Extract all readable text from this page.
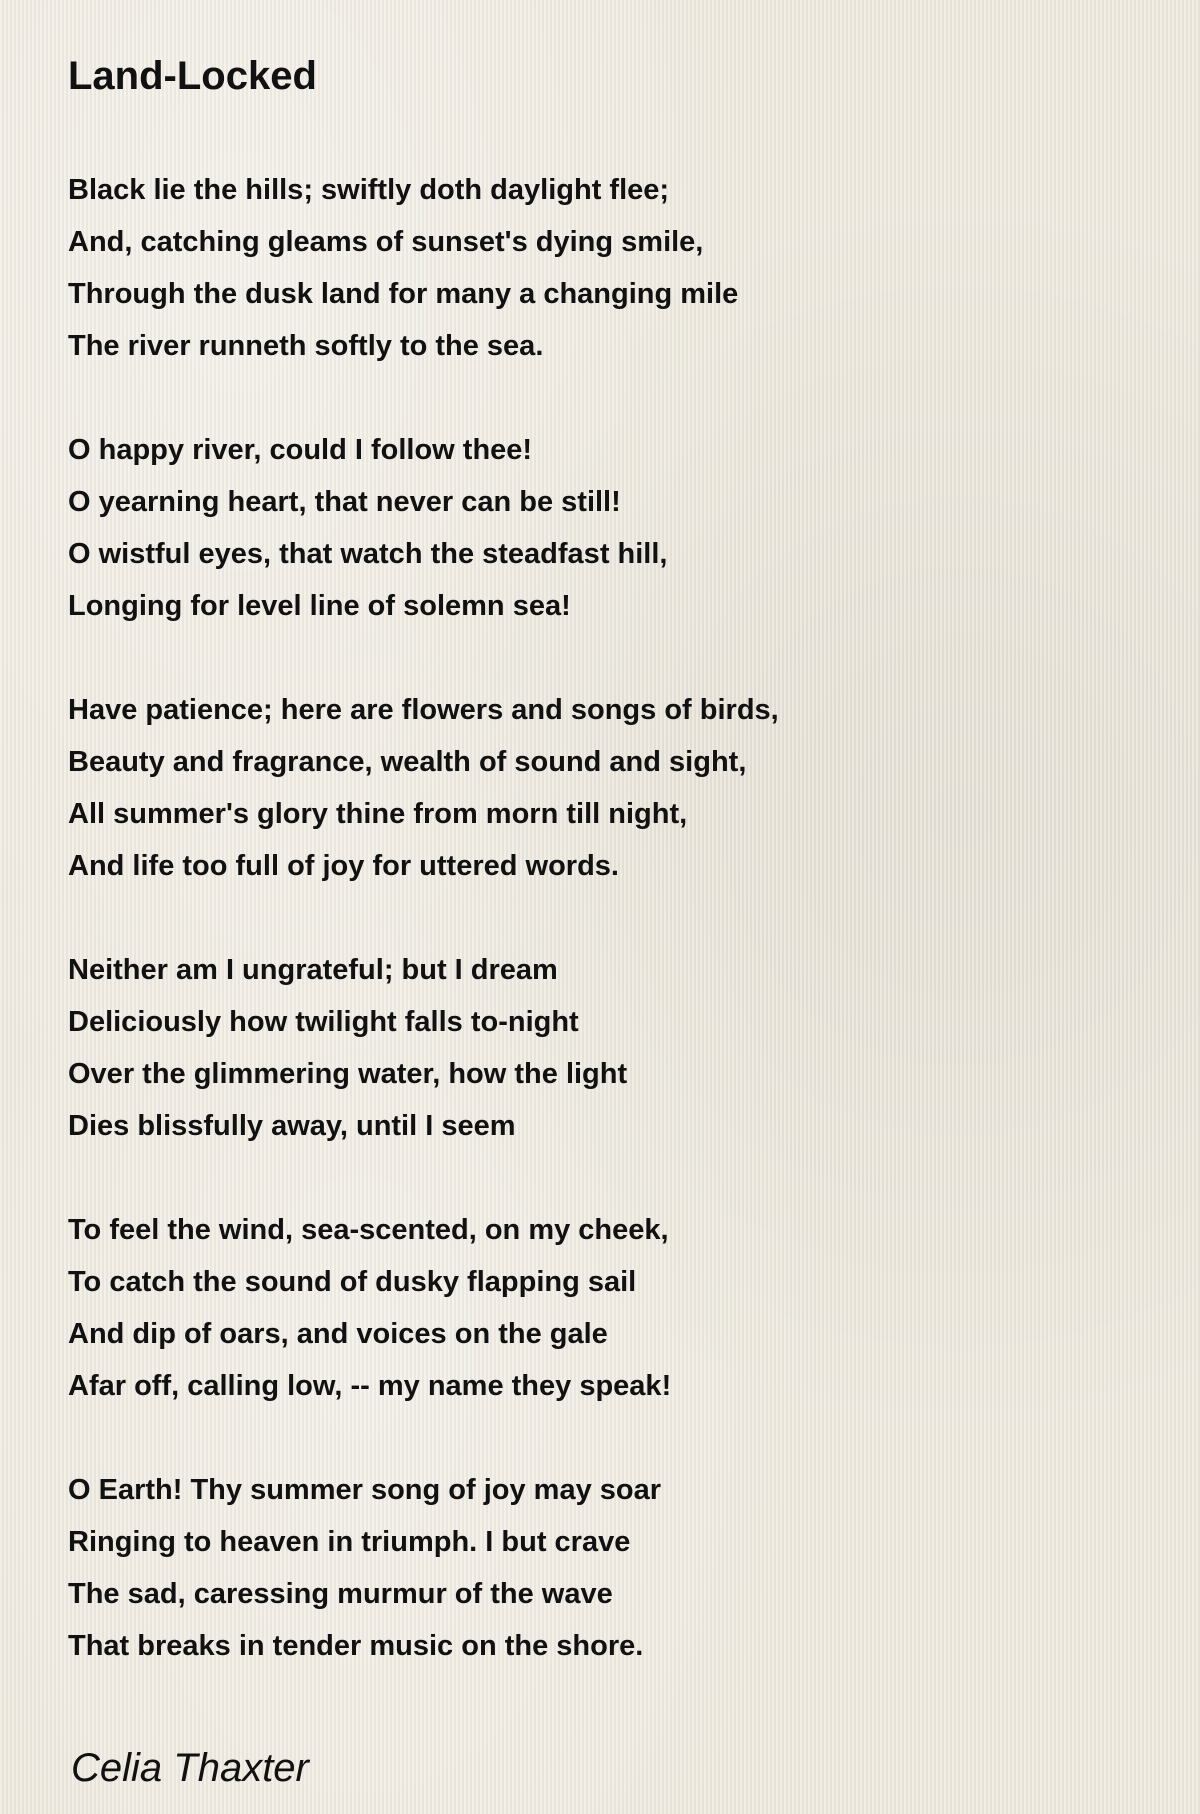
Land-Locked
Black lie the hills; swiftly doth daylight flee;
And, catching gleams of sunset's dying smile,
Through the dusk land for many a changing mile
The river runneth softly to the sea.
O happy river, could I follow thee!
O yearning heart, that never can be still!
O wistful eyes, that watch the steadfast hill,
Longing for level line of solemn sea!
Have patience; here are flowers and songs of birds,
Beauty and fragrance, wealth of sound and sight,
All summer's glory thine from morn till night,
And life too full of joy for uttered words.
Neither am I ungrateful; but I dream
Deliciously how twilight falls to-night
Over the glimmering water, how the light
Dies blissfully away, until I seem
To feel the wind, sea-scented, on my cheek,
To catch the sound of dusky flapping sail
And dip of oars, and voices on the gale
Afar off, calling low, -- my name they speak!
O Earth! Thy summer song of joy may soar
Ringing to heaven in triumph. I but crave
The sad, caressing murmur of the wave
That breaks in tender music on the shore.
Celia Thaxter
